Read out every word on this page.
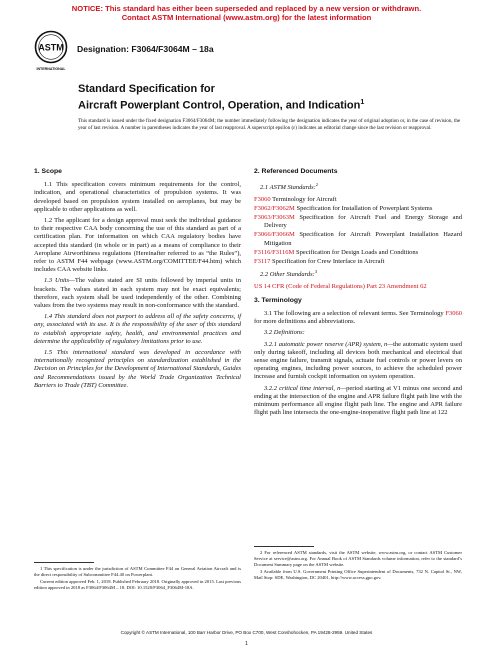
NOTICE: This standard has either been superseded and replaced by a new version or withdrawn.
Contact ASTM International (www.astm.org) for the latest information
ASTM
INTERNATIONAL
Designation: F3064/F3064M – 18a
Standard Specification for
Aircraft Powerplant Control, Operation, and Indication$^1$
This standard is issued under the fixed designation F3064/F3064M; the number immediately following the designation indicates the year of original adoption or, in the case of revision, the year of last revision. A number in parentheses indicates the year of last reapproval. A superscript epsilon (ε) indicates an editorial change since the last revision or reapproval.
1. Scope

1.1 This specification covers minimum requirements for the control, indication, and operational characteristics of propulsion systems. It was developed based on propulsion system installed on aeroplanes, but may be applicable to other applications as well.

1.2 The applicant for a design approval must seek the individual guidance to their respective CAA body concerning the use of this standard as part of a certification plan. For information on which CAA regulatory bodies have accepted this standard (in whole or in part) as a means of compliance to their Aeroplane Airworthiness regulations (Hereinafter referred to as “the Rules”), refer to ASTM F44 webpage (www.ASTM.org/COMITTEE/F44.htm) which includes CAA website links.

1.3 Units—The values stated are SI units followed by imperial units in brackets. The values stated in each system may not be exact equivalents; therefore, each system shall be used independently of the other. Combining values from the two systems may result in non-conformance with the standard.

1.4 This standard does not purport to address all of the safety concerns, if any, associated with its use. It is the responsibility of the user of this standard to establish appropriate safety, health, and environmental practices and determine the applicability of regulatory limitations prior to use.

1.5 This international standard was developed in accordance with internationally recognized principles on standardization established in the Decision on Principles for the Development of International Standards, Guides and Recommendations issued by the World Trade Organization Technical Barriers to Trade (TBT) Committee.

2. Referenced Documents
2.1 ASTM Standards:$^2$
F3060 Terminology for Aircraft
F3062/F3062M Specification for Installation of Powerplant Systems
F3063/F3063M Specification for Aircraft Fuel and Energy Storage and Delivery
F3066/F3066M Specification for Aircraft Powerplant Installation Hazard Mitigation
F3116/F3116M Specification for Design Loads and Conditions
F3117 Specification for Crew Interface in Aircraft
2.2 Other Standards:$^3$
US 14 CFR (Code of Federal Regulations) Part 23 Amendment 62
3. Terminology

3.1 The following are a selection of relevant terms. See Terminology F3060 for more definitions and abbreviations.

3.2 Definitions:

3.2.1 automatic power reserve (APR) system, n—the automatic system used only during takeoff, including all devices both mechanical and electrical that sense engine failure, transmit signals, actuate fuel controls or power levers on operating engines, including power sources, to achieve the scheduled power increase and furnish cockpit information on system operation.

3.2.2 critical time interval, n—period starting at V1 minus one second and ending at the intersection of the engine and APR failure flight path line with the minimum performance all engine flight path line. The engine and APR failure flight path line intersects the one-engine-inoperative flight path line at 122

1 This specification is under the jurisdiction of ASTM Committee F44 on General Aviation Aircraft and is the direct responsibility of Subcommittee F44.40 on Powerplant.

Current edition approved Feb. 1, 2018. Published February 2018. Originally approved in 2015. Last previous edition approved in 2018 as F3064/F3064M – 18. DOI: 10.1520/F3064_F3064M-18A.

2 For referenced ASTM standards, visit the ASTM website, www.astm.org, or contact ASTM Customer Service at service@astm.org. For Annual Book of ASTM Standards volume information, refer to the standard’s Document Summary page on the ASTM website.

3 Available from U.S. Government Printing Office Superintendent of Documents, 732 N. Capitol St., NW, Mail Stop: SDE, Washington, DC 20401, http://www.access.gpo.gov.

Copyright © ASTM International, 100 Barr Harbor Drive, PO Box C700, West Conshohocken, PA 19428-2959. United States
1
